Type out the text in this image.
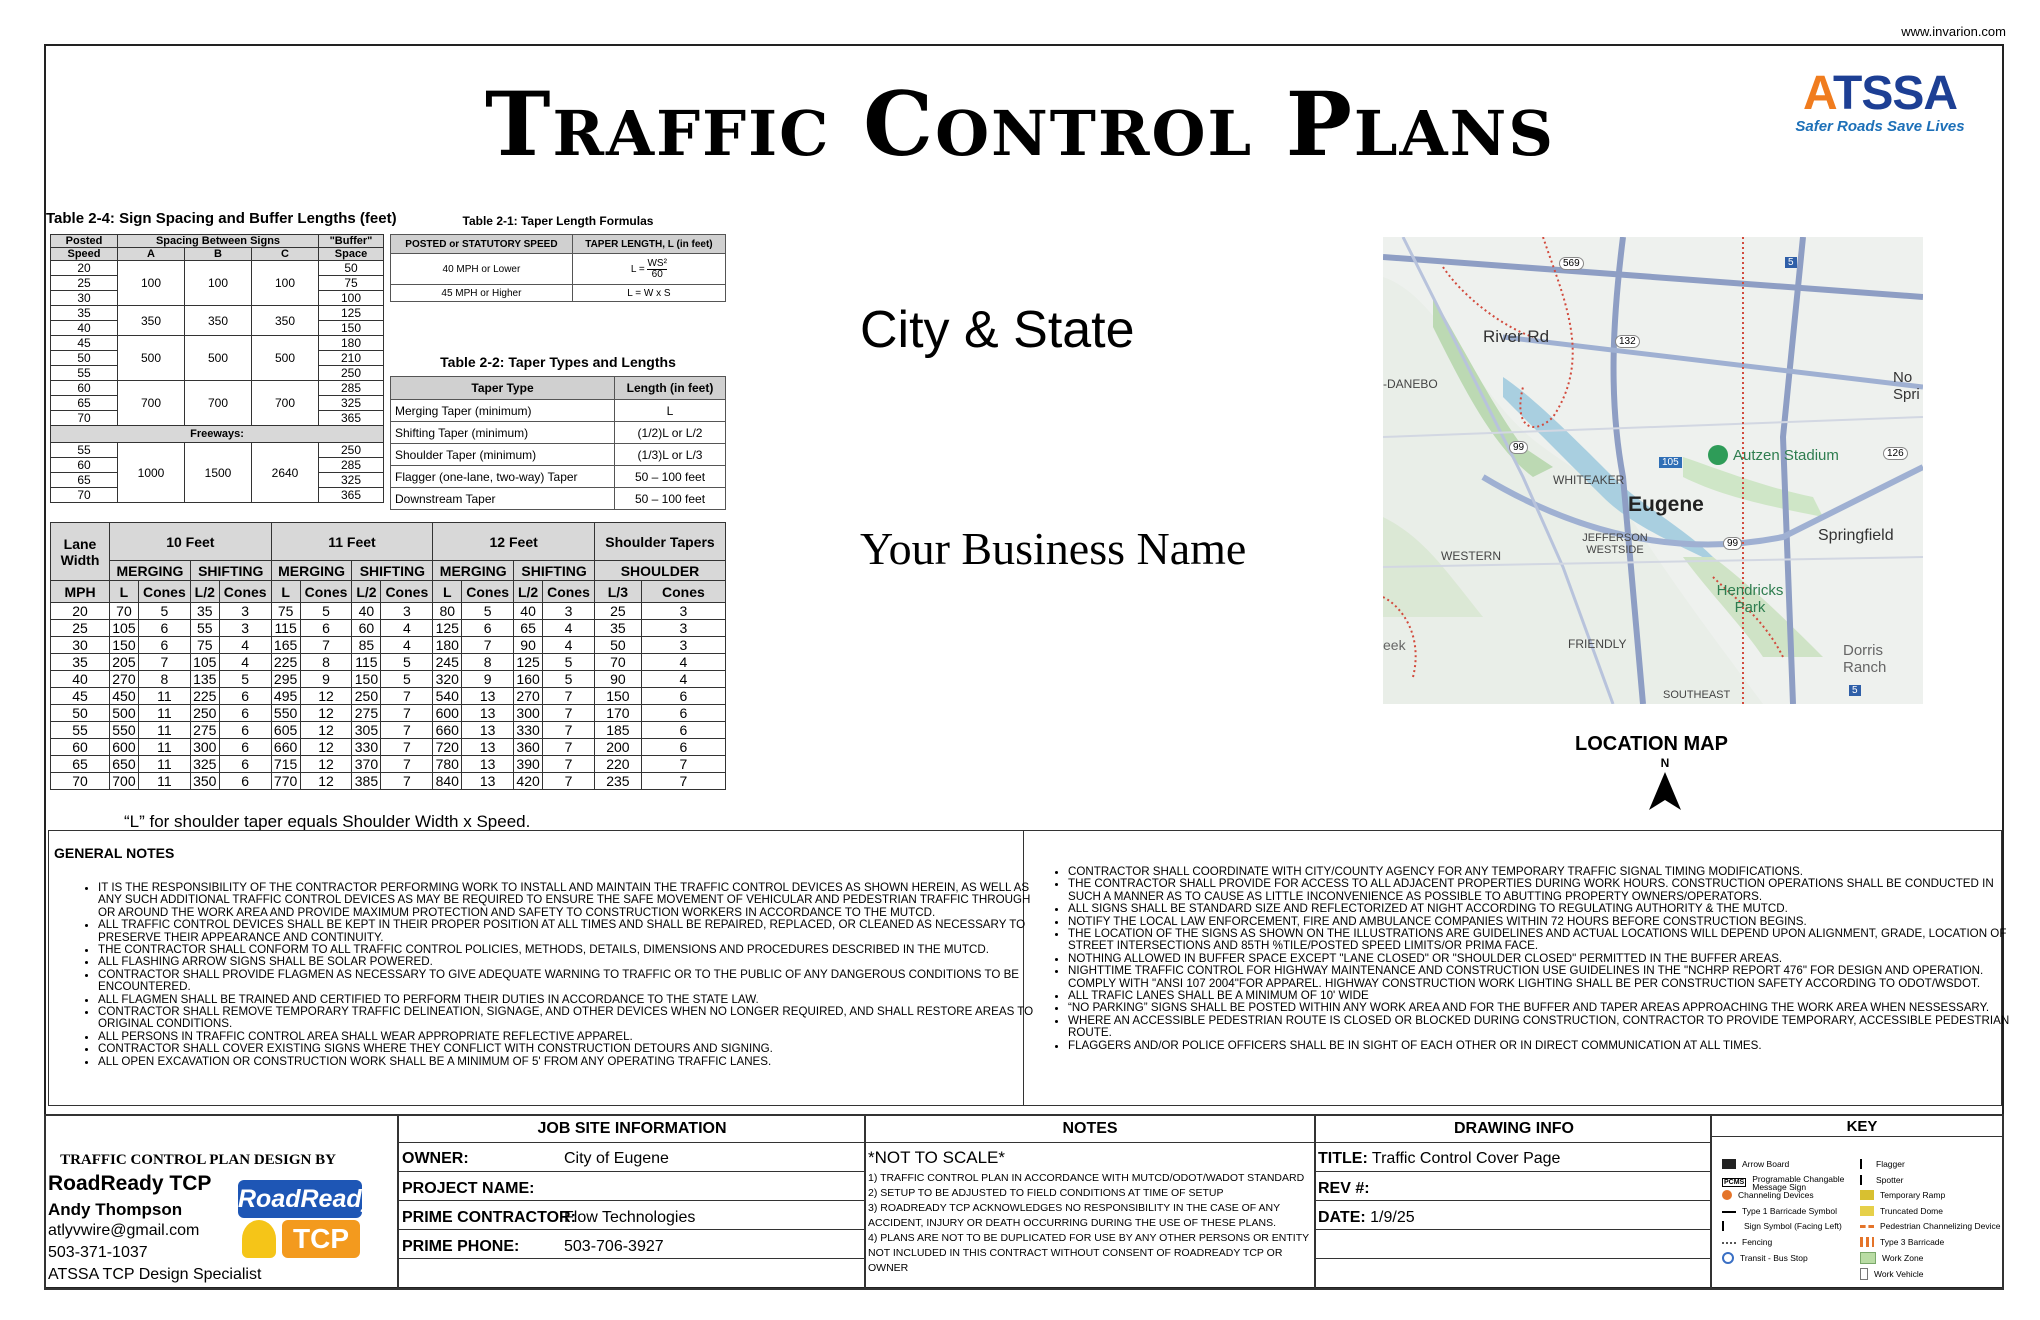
www.invarion.com
Traffic Control Plans	ATSSA
Safer Roads Save Lives
City & State
Your Business Name
Table 2-4: Sign Spacing and Buffer Lengths (feet)
Posted	Spacing Between Signs			"Buffer"
Speed	A	B	C	Space
20	100	100	100	50
25				75
30				100
35	350	350	350	125
40				150
45	500	500	500	180
50				210
55				250
60	700	700	700	285
65				325
70				365
Freeways:				
55	1000	1500	2640	250
60				285
65				325
70				365
Table 2-1: Taper Length Formulas
POSTED or STATUTORY SPEED	TAPER LENGTH, L (in feet)
40 MPH or Lower	$L = \frac{\text{WS²}}{60}$

45 MPH or Higher	L = W x S
Table 2-2: Taper Types and Lengths
Taper Type	Length (in feet)
Merging Taper (minimum)	L
Shifting Taper (minimum)	(1/2)L or L/2
Shoulder Taper (minimum)	(1/3)L or L/3
Flagger (one-lane, two-way) Taper	50 – 100 feet
Downstream Taper	50 – 100 feet
Lane Width	10 Feet				11 Feet				12 Feet				Shoulder Tapers	
	MERGING		SHIFTING		MERGING		SHIFTING		MERGING		SHIFTING		SHOULDER	
MPH	L	Cones	L/2	Cones	L	Cones	L/2	Cones	L	Cones	L/2	Cones	L/3	Cones
20	70	5	35	3	75	5	40	3	80	5	40	3	25	3
25	105	6	55	3	115	6	60	4	125	6	65	4	35	3
30	150	6	75	4	165	7	85	4	180	7	90	4	50	3
35	205	7	105	4	225	8	115	5	245	8	125	5	70	4
40	270	8	135	5	295	9	150	5	320	9	160	5	90	4
45	450	11	225	6	495	12	250	7	540	13	270	7	150	6
50	500	11	250	6	550	12	275	7	600	13	300	7	170	6
55	550	11	275	6	605	12	305	7	660	13	330	7	185	6
60	600	11	300	6	660	12	330	7	720	13	360	7	200	6
65	650	11	325	6	715	12	370	7	780	13	390	7	220	7
70	700	11	350	6	770	12	385	7	840	13	420	7	235	7
“L” for shoulder taper equals Shoulder Width x Speed.
River Rd
-DANEBO
WHITEAKER
Eugene
Autzen Stadium
Springfield
JEFFERSON WESTSIDE
WESTERN
Hendricks Park
FRIENDLY	Dorris Ranch
SOUTHEAST
No Spri
eek
569
132
99
99
105
126
5
5
LOCATION MAP
N
GENERAL NOTES
• IT IS THE RESPONSIBILITY OF THE CONTRACTOR PERFORMING WORK TO INSTALL AND MAINTAIN THE TRAFFIC CONTROL DEVICES AS SHOWN HEREIN, AS WELL AS ANY SUCH ADDITIONAL TRAFFIC CONTROL DEVICES AS MAY BE REQUIRED TO ENSURE THE SAFE MOVEMENT OF VEHICULAR AND PEDESTRIAN TRAFFIC THROUGH OR AROUND THE WORK AREA AND PROVIDE MAXIMUM PROTECTION AND SAFETY TO CONSTRUCTION WORKERS IN ACCORDANCE TO THE MUTCD.
• ALL TRAFFIC CONTROL DEVICES SHALL BE KEPT IN THEIR PROPER POSITION AT ALL TIMES AND SHALL BE REPAIRED, REPLACED, OR CLEANED AS NECESSARY TO PRESERVE THEIR APPEARANCE AND CONTINUITY.
• THE CONTRACTOR SHALL CONFORM TO ALL TRAFFIC CONTROL POLICIES, METHODS, DETAILS, DIMENSIONS AND PROCEDURES DESCRIBED IN THE MUTCD.
• ALL FLASHING ARROW SIGNS SHALL BE SOLAR POWERED.
• CONTRACTOR SHALL PROVIDE FLAGMEN AS NECESSARY TO GIVE ADEQUATE WARNING TO TRAFFIC OR TO THE PUBLIC OF ANY DANGEROUS CONDITIONS TO BE ENCOUNTERED.
• ALL FLAGMEN SHALL BE TRAINED AND CERTIFIED TO PERFORM THEIR DUTIES IN ACCORDANCE TO THE STATE LAW.
• CONTRACTOR SHALL REMOVE TEMPORARY TRAFFIC DELINEATION, SIGNAGE, AND OTHER DEVICES WHEN NO LONGER REQUIRED, AND SHALL RESTORE AREAS TO ORIGINAL CONDITIONS.
• ALL PERSONS IN TRAFFIC CONTROL AREA SHALL WEAR APPROPRIATE REFLECTIVE APPAREL.
• CONTRACTOR SHALL COVER EXISTING SIGNS WHERE THEY CONFLICT WITH CONSTRUCTION DETOURS AND SIGNING.
• ALL OPEN EXCAVATION OR CONSTRUCTION WORK SHALL BE A MINIMUM OF 5' FROM ANY OPERATING TRAFFIC LANES.
• CONTRACTOR SHALL COORDINATE WITH CITY/COUNTY AGENCY FOR ANY TEMPORARY TRAFFIC SIGNAL TIMING MODIFICATIONS.
• THE CONTRACTOR SHALL PROVIDE FOR ACCESS TO ALL ADJACENT PROPERTIES DURING WORK HOURS. CONSTRUCTION OPERATIONS SHALL BE CONDUCTED IN SUCH A MANNER AS TO CAUSE AS LITTLE INCONVENIENCE AS POSSIBLE TO ABUTTING PROPERTY OWNERS/OPERATORS.
• ALL SIGNS SHALL BE STANDARD SIZE AND REFLECTORIZED AT NIGHT ACCORDING TO REGULATING AUTHORITY & THE MUTCD.
• NOTIFY THE LOCAL LAW ENFORCEMENT, FIRE AND AMBULANCE COMPANIES WITHIN 72 HOURS BEFORE CONSTRUCTION BEGINS.
• THE LOCATION OF THE SIGNS AS SHOWN ON THE ILLUSTRATIONS ARE GUIDELINES AND ACTUAL LOCATIONS WILL DEPEND UPON ALIGNMENT, GRADE, LOCATION OF STREET INTERSECTIONS AND 85TH %TILE/POSTED SPEED LIMITS/OR PRIMA FACE.
• NOTHING ALLOWED IN BUFFER SPACE EXCEPT "LANE CLOSED" OR "SHOULDER CLOSED" PERMITTED IN THE BUFFER AREAS.
• NIGHTTIME TRAFFIC CONTROL FOR HIGHWAY MAINTENANCE AND CONSTRUCTION USE GUIDELINES IN THE "NCHRP REPORT 476" FOR DESIGN AND OPERATION. COMPLY WITH "ANSI 107 2004"FOR APPAREL. HIGHWAY CONSTRUCTION WORK LIGHTING SHALL BE PER CONSTRUCTION SAFETY ACCORDING TO ODOT/WSDOT.
• ALL TRAFIC LANES SHALL BE A MINIMUM OF 10' WIDE
• “NO PARKING” SIGNS SHALL BE POSTED WITHIN ANY WORK AREA AND FOR THE BUFFER AND TAPER AREAS APPROACHING THE WORK AREA WHEN NESSESSARY.
• WHERE AN ACCESSIBLE PEDESTRIAN ROUTE IS CLOSED OR BLOCKED DURING CONSTRUCTION, CONTRACTOR TO PROVIDE TEMPORARY, ACCESSIBLE PEDESTRIAN ROUTE.
• FLAGGERS AND/OR POLICE OFFICERS SHALL BE IN SIGHT OF EACH OTHER OR IN DIRECT COMMUNICATION AT ALL TIMES.
TRAFFIC CONTROL PLAN DESIGN BY
RoadReady TCP
Andy Thompson
atlyvwire@gmail.com
503-371-1037
ATSSA TCP Design Specialist
RoadReady
TCP
JOB SITE INFORMATION
OWNER:	City of Eugene
PROJECT NAME:
PRIME CONTRACTOR:
Flow Technologies
PRIME PHONE:	503-706-3927
NOTES
*NOT TO SCALE*
1) TRAFFIC CONTROL PLAN IN ACCORDANCE WITH MUTCD/ODOT/WADOT STANDARD
2) SETUP TO BE ADJUSTED TO FIELD CONDITIONS AT TIME OF SETUP
3) ROADREADY TCP ACKNOWLEDGES NO RESPONSIBILITY IN THE CASE OF ANY ACCIDENT, INJURY OR DEATH OCCURRING DURING THE USE OF THESE PLANS.
4) PLANS ARE NOT TO BE DUPLICATED FOR USE BY ANY OTHER PERSONS OR ENTITY NOT INCLUDED IN THIS CONTRACT WITHOUT CONSENT OF ROADREADY TCP OR OWNER
DRAWING INFO
TITLE: Traffic Control Cover Page
REV #:
DATE: 1/9/25
KEY
Arrow Board
PCMS Programable Changable Message Sign
Channeling Devices
Type 1 Barricade Symbol
Sign Symbol (Facing Left)
Fencing
Transit - Bus Stop
Flagger
Spotter
Temporary Ramp
Truncated Dome
Pedestrian Channelizing Device
Type 3 Barricade
Work Zone
Work Vehicle
